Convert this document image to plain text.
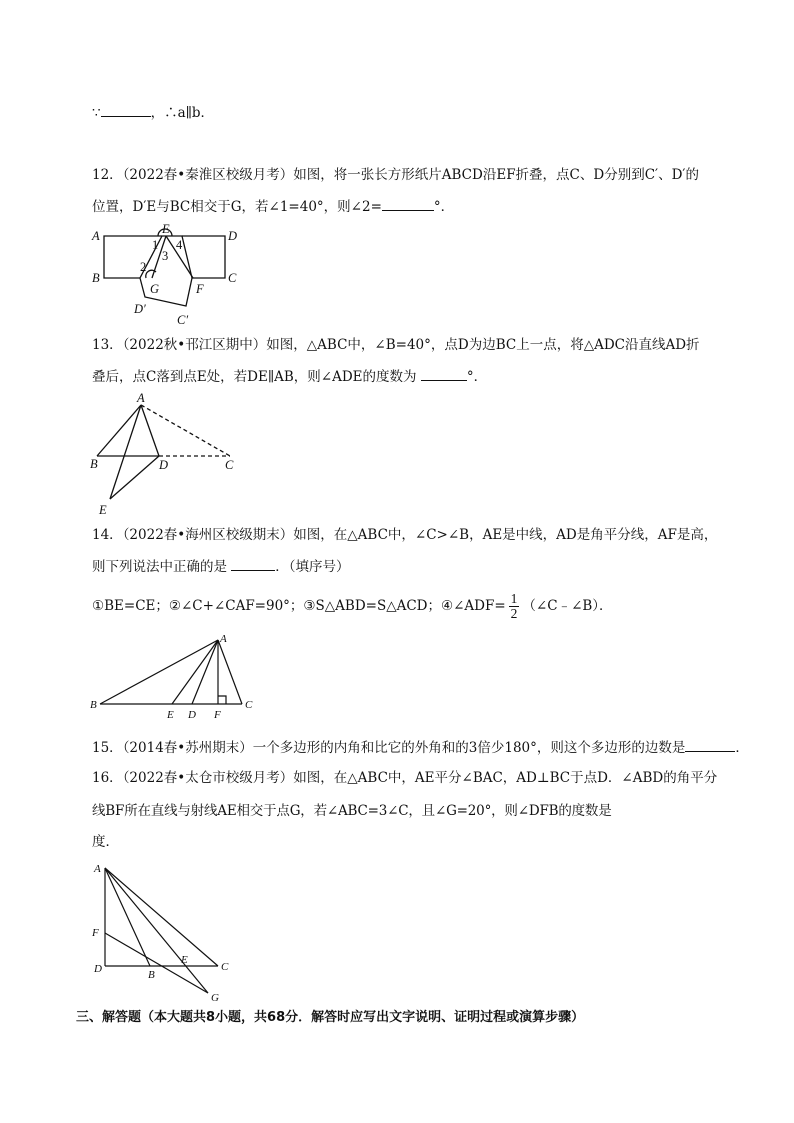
∵	，∴a∥b．
12．（2022春•秦淮区校级月考）如图，将一张长方形纸片ABCD沿EF折叠，点C、D分别到C′、D′的
位置，D′E与BC相交于G，若∠1=40°，则∠2=	°．
A	D
B	C
E
F
G
D′
C′
1 4
3
2
13．（2022秋•邗江区期中）如图，△ABC中，∠B=40°，点D为边BC上一点，将△ADC沿直线AD折
叠后，点C落到点E处，若DE∥AB，则∠ADE的度数为	°．
A
B	D	C
E
14．（2022春•海州区校级期末）如图，在△ABC中，∠C>∠B，AE是中线，AD是角平分线，AF是高，
则下列说法中正确的是	．（填序号）
①BE=CE；②∠C+∠CAF=90°；③S△ABD=S△ACD；④∠ADF= $\frac{1}{2}$ （∠C﹣∠B）．
A
B
E D F
C
15．（2014春•苏州期末）一个多边形的内角和比它的外角和的3倍少180°，则这个多边形的边数是	．
16．（2022春•太仓市校级月考）如图，在△ABC中，AE平分∠BAC，AD⊥BC于点D．∠ABD的角平分
线BF所在直线与射线AE相交于点G，若∠ABC=3∠C，且∠G=20°，则∠DFB的度数是
度．
A
F
D	B
E
C
G
三、解答题（本大题共8小题，共68分．解答时应写出文字说明、证明过程或演算步骤）
